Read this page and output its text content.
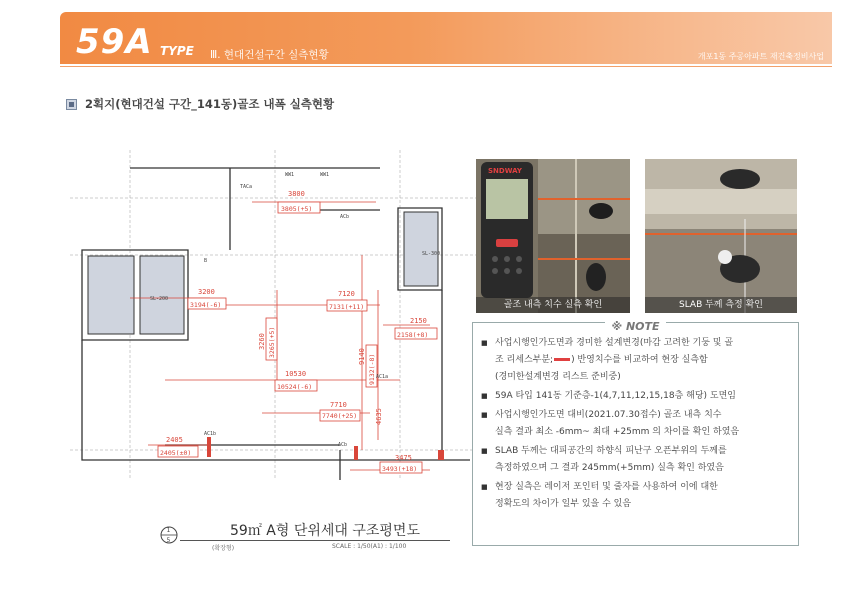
59A TYPE Ⅲ. 현대건설구간 실측현황	개포1동 주공아파트 재건축정비사업
2획지(현대건설 구간_141동)골조 내폭 실측현황
3800
3805(+5)
3200
3194(-6)
7120
7131(+11)
3260 3265(+5)	9140 9132(-8)
2150
2158(+8)
10530
10524(-6)
7710
7740(+25)
2405
2405(±0)
3475
3493(+18)
4635
WW1	WW1
ACb
TACa
AC1a
AC1b
SL-200
SL-300
ACb
B
1
5
59㎡ A형 단위세대 구조평면도
(확장형)	SCALE : 1/50(A1) : 1/100
SNDWAY
골조 내측 치수 실측 확인	SLAB 두께 측정 확인
※ NOTE
■ 사업시행인가도면과 경미한 설계변경(마감 고려한 기둥 및 골
조 리세스부분; ) 반영치수를 비교하여 현장 실측함
(경미한설계변경 리스트 준비중)
■ 59A 타입 141동 기준층-1(4,7,11,12,15,18층 해당) 도면임
■ 사업시행인가도면 대비(2021.07.30접수) 골조 내측 치수
실측 결과 최소 -6mm~ 최대 +25mm 의 차이를 확인 하였음
■ SLAB 두께는 대피공간의 하향식 피난구 오픈부위의 두께를
측정하였으며 그 결과 245mm(+5mm) 실측 확인 하였음
■ 현장 실측은 레이저 포인터 및 줄자를 사용하여 이에 대한
정확도의 차이가 일부 있을 수 있음
